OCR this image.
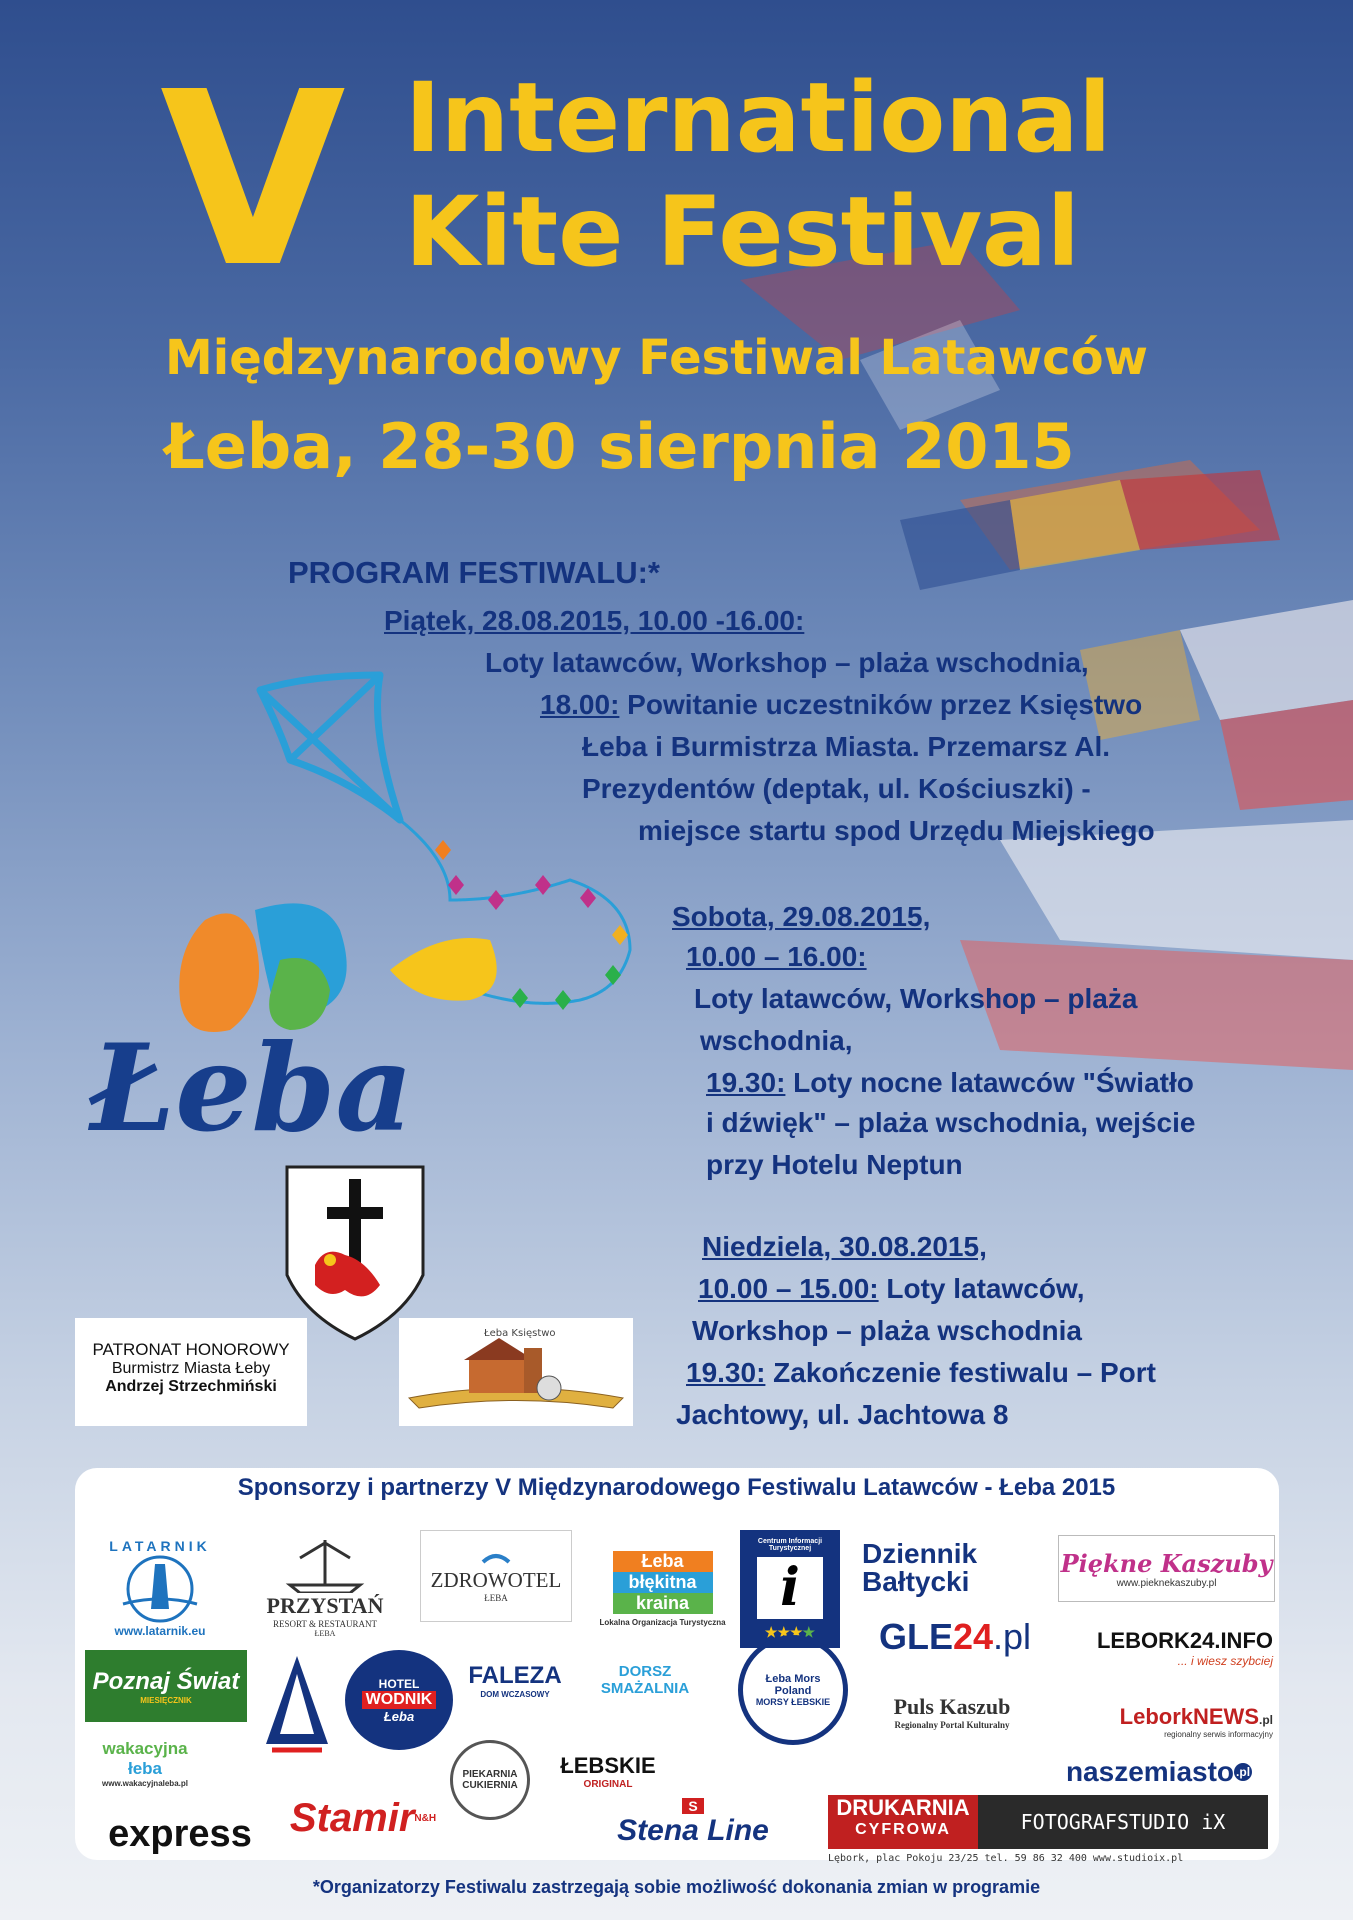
V International
Kite Festival
Międzynarodowy Festiwal Latawców
Łeba, 28-30 sierpnia 2015
PROGRAM FESTIWALU:*
Piątek, 28.08.2015, 10.00 -16.00:
Loty latawców, Workshop – plaża wschodnia,
18.00: Powitanie uczestników przez Księstwo
Łeba i Burmistrza Miasta. Przemarsz Al.
Prezydentów (deptak, ul. Kościuszki) -
miejsce startu spod Urzędu Miejskiego
Sobota, 29.08.2015,
10.00 – 16.00:
Loty latawców, Workshop – plaża
wschodnia,
19.30: Loty nocne latawców "Światło
i dźwięk" – plaża wschodnia, wejście
przy Hotelu Neptun
Niedziela, 30.08.2015,
10.00 – 15.00: Loty latawców,
Workshop – plaża wschodnia
19.30: Zakończenie festiwalu – Port
Jachtowy, ul. Jachtowa 8
Łeba
PATRONAT HONOROWY
Burmistrz Miasta Łeby
Andrzej Strzechmiński
Łeba Księstwo
Sponsorzy i partnerzy V Międzynarodowego Festiwalu Latawców - Łeba 2015
LATARNIK
www.latarnik.eu
PRZYSTAŃ
RESORT & RESTAURANT
ŁEBA
ZDROWOTEL
ŁEBA
Łeba
błękitna
kraina
Lokalna Organizacja Turystyczna
Centrum Informacji Turystycznej
i
★★★★
Dziennik
Bałtycki
Piękne Kaszuby
www.pieknekaszuby.pl
GLE 24 .pl	LEBORK24.INFO
... i wiesz szybciej
Poznaj Świat
MIESIĘCZNIK
HOTEL
WODNIK
Łeba
FALEZA
DOM WCZASOWY
DORSZ SMAŻALNIA
Łeba Mors Poland
MORSY ŁEBSKIE	Puls Kaszub
Regionalny Portal Kulturalny	LeborkNEWS.pl
regionalny serwis informacyjny
wakacyjna
łeba
www.wakacyjnaleba.pl
PIEKARNIA CUKIERNIA
ŁEBSKIE
ORIGINAL	naszemiasto .pl
express Stamir N&H
S
Stena Line
DRUKARNIA
CYFROWA	FOTOGRAFSTUDIO iX
Lębork, plac Pokoju 23/25 tel. 59 86 32 400 www.studioix.pl
*Organizatorzy Festiwalu zastrzegają sobie możliwość dokonania zmian w programie
